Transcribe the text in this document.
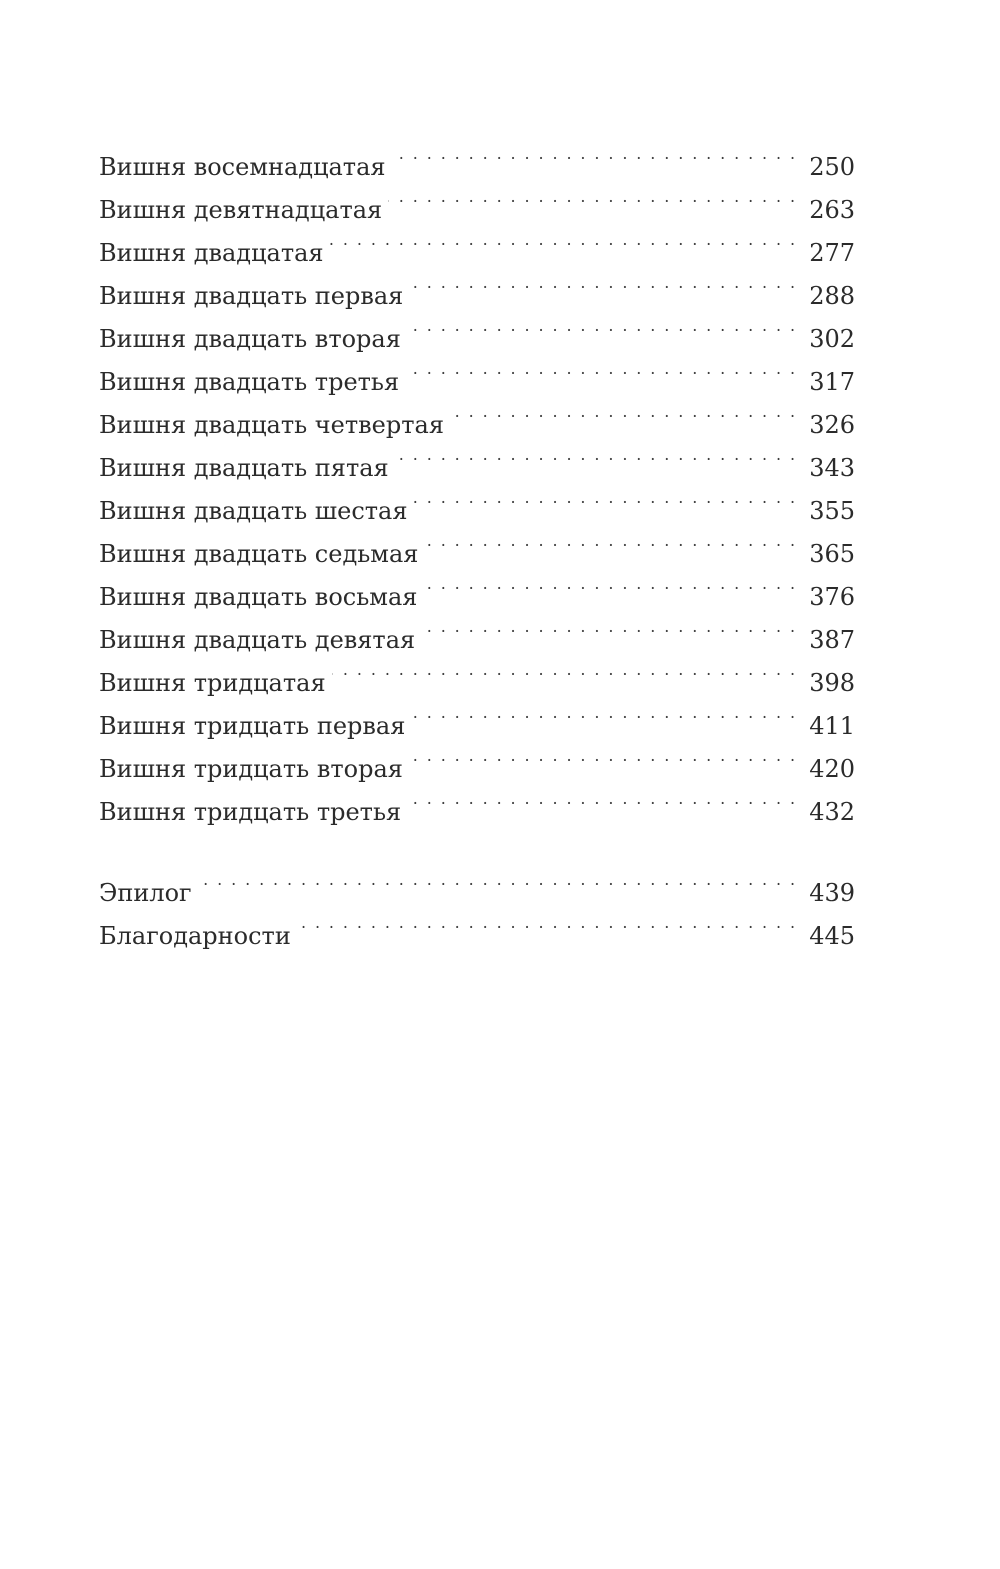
Вишня восемнадцатая . . .	250
Вишня девятнадцатая . . .	263
Вишня двадцатая . . .	277
Вишня двадцать первая . . .	288
Вишня двадцать вторая . . .	302
Вишня двадцать третья . . .	317
Вишня двадцать четвертая . . .	326
Вишня двадцать пятая . . .	343
Вишня двадцать шестая . . .	355
Вишня двадцать седьмая . . .	365
Вишня двадцать восьмая . . .	376
Вишня двадцать девятая . . .	387
Вишня тридцатая . . .	398
Вишня тридцать первая . . .	411
Вишня тридцать вторая . . .	420
Вишня тридцать третья . . .	432
Эпилог . . .	439
Благодарности . . .	445
